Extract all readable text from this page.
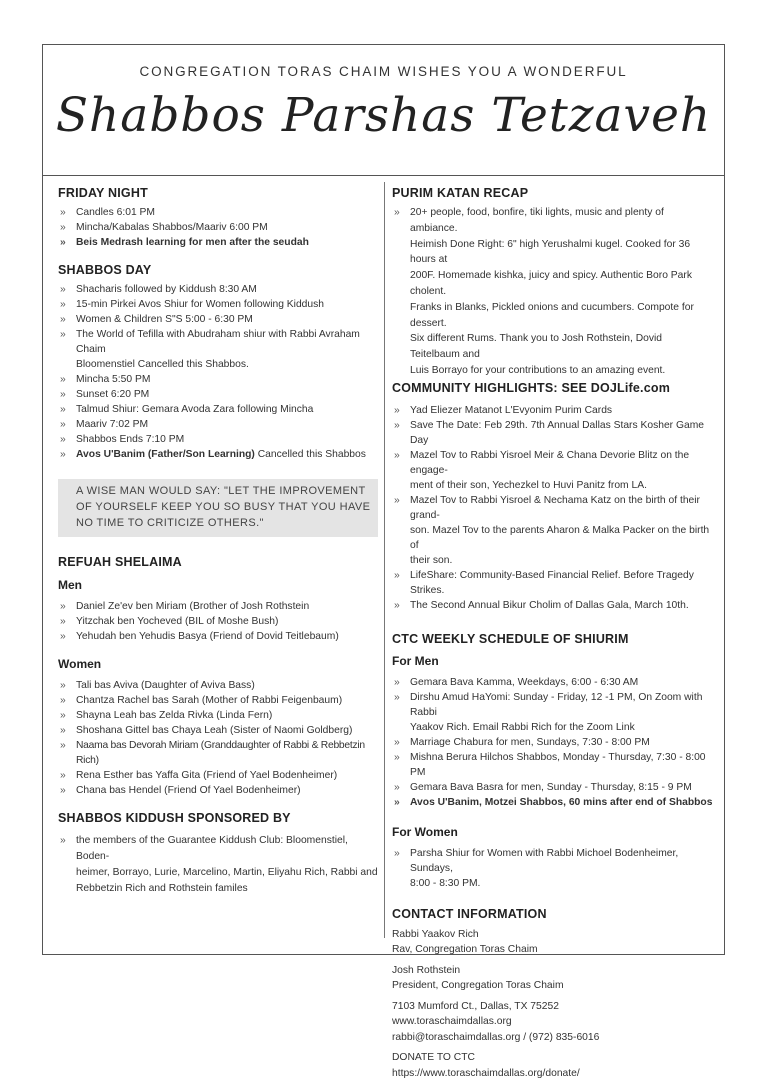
CONGREGATION TORAS CHAIM WISHES YOU A WONDERFUL
Shabbos Parshas Tetzaveh
FRIDAY NIGHT
» Candles 6:01 PM
» Mincha/Kabalas Shabbos/Maariv 6:00 PM
» Beis Medrash learning for men after the seudah
SHABBOS DAY
» Shacharis followed by Kiddush 8:30 AM
» 15-min Pirkei Avos Shiur for Women following Kiddush
» Women & Children S"S 5:00 - 6:30 PM
» The World of Tefilla with Abudraham shiur with Rabbi Avraham Chaim
Bloomenstiel Cancelled this Shabbos.
» Mincha 5:50 PM
» Sunset 6:20 PM
» Talmud Shiur: Gemara Avoda Zara following Mincha
» Maariv 7:02 PM
» Shabbos Ends 7:10 PM
» Avos U'Banim (Father/Son Learning) Cancelled this Shabbos
A WISE MAN WOULD SAY: "LET THE IMPROVEMENT
OF YOURSELF KEEP YOU SO BUSY THAT YOU HAVE
NO TIME TO CRITICIZE OTHERS."
REFUAH SHELAIMA
Men
» Daniel Ze'ev ben Miriam (Brother of Josh Rothstein
» Yitzchak ben Yocheved (BIL of Moshe Bush)
» Yehudah ben Yehudis Basya (Friend of Dovid Teitlebaum)
Women
» Tali bas Aviva (Daughter of Aviva Bass)
» Chantza Rachel bas Sarah (Mother of Rabbi Feigenbaum)
» Shayna Leah bas Zelda Rivka (Linda Fern)
» Shoshana Gittel bas Chaya Leah (Sister of Naomi Goldberg)
» Naama bas Devorah Miriam (Granddaughter of Rabbi & Rebbetzin Rich)
» Rena Esther bas Yaffa Gita (Friend of Yael Bodenheimer)
» Chana bas Hendel (Friend Of Yael Bodenheimer)
SHABBOS KIDDUSH SPONSORED BY
» the members of the Guarantee Kiddush Club: Bloomenstiel, Boden-
heimer, Borrayo, Lurie, Marcelino, Martin, Eliyahu Rich, Rabbi and
Rebbetzin Rich and Rothstein familes
PURIM KATAN RECAP
» 20+ people, food, bonfire, tiki lights, music and plenty of ambiance.
Heimish Done Right: 6" high Yerushalmi kugel. Cooked for 36 hours at
200F. Homemade kishka, juicy and spicy. Authentic Boro Park cholent.
Franks in Blanks, Pickled onions and cucumbers. Compote for dessert.
Six different Rums. Thank you to Josh Rothstein, Dovid Teitelbaum and
Luis Borrayo for your contributions to an amazing event.
COMMUNITY HIGHLIGHTS: SEE DOJLife.com
» Yad Eliezer Matanot L'Evyonim Purim Cards
» Save The Date: Feb 29th. 7th Annual Dallas Stars Kosher Game Day
» Mazel Tov to Rabbi Yisroel Meir & Chana Devorie Blitz on the engage-
ment of their son, Yechezkel to Huvi Panitz from LA.
» Mazel Tov to Rabbi Yisroel & Nechama Katz on the birth of their grand-
son. Mazel Tov to the parents Aharon & Malka Packer on the birth of
their son.
» LifeShare: Community-Based Financial Relief. Before Tragedy Strikes.
» The Second Annual Bikur Cholim of Dallas Gala, March 10th.
CTC WEEKLY SCHEDULE OF SHIURIM
For Men
» Gemara Bava Kamma, Weekdays, 6:00 - 6:30 AM
» Dirshu Amud HaYomi: Sunday - Friday, 12 -1 PM, On Zoom with Rabbi
Yaakov Rich. Email Rabbi Rich for the Zoom Link
» Marriage Chabura for men, Sundays, 7:30 - 8:00 PM
» Mishna Berura Hilchos Shabbos, Monday - Thursday, 7:30 - 8:00 PM
» Gemara Bava Basra for men, Sunday - Thursday, 8:15 - 9 PM
» Avos U'Banim, Motzei Shabbos, 60 mins after end of Shabbos
For Women
» Parsha Shiur for Women with Rabbi Michoel Bodenheimer, Sundays,
8:00 - 8:30 PM.
CONTACT INFORMATION

Rabbi Yaakov Rich

Rav, Congregation Toras Chaim

Josh Rothstein

President, Congregation Toras Chaim

7103 Mumford Ct., Dallas, TX 75252

www.toraschaimdallas.org

rabbi@toraschaimdallas.org / (972) 835-6016

DONATE TO CTC

https://www.toraschaimdallas.org/donate/
